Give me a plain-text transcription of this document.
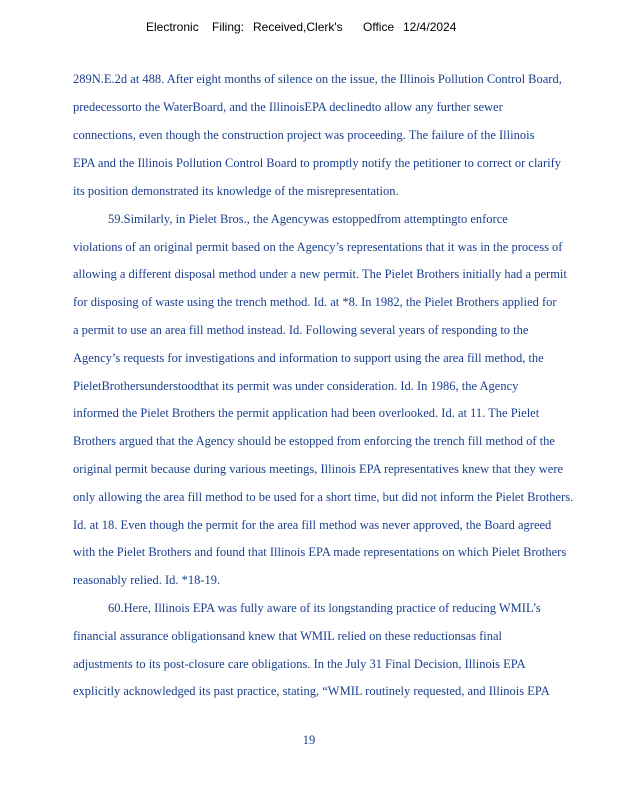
Electronic Filing: Received,Clerk's Office 12/4/2024
289N.E.2d at 488. After eight months of silence on the issue, the Illinois Pollution Control Board,
predecessorto the WaterBoard, and the IllinoisEPA declinedto allow any further sewer
connections, even though the construction project was proceeding. The failure of the Illinois
EPA and the Illinois Pollution Control Board to promptly notify the petitioner to correct or clarify
its position demonstrated its knowledge of the misrepresentation.
59.Similarly, in Pielet Bros., the Agencywas estoppedfrom attemptingto enforce
violations of an original permit based on the Agency’s representations that it was in the process of
allowing a different disposal method under a new permit. The Pielet Brothers initially had a permit
for disposing of waste using the trench method. Id. at *8. In 1982, the Pielet Brothers applied for
a permit to use an area fill method instead. Id. Following several years of responding to the
Agency’s requests for investigations and information to support using the area fill method, the
PieletBrothersunderstoodthat its permit was under consideration. Id. In 1986, the Agency
informed the Pielet Brothers the permit application had been overlooked. Id. at 11. The Pielet
Brothers argued that the Agency should be estopped from enforcing the trench fill method of the
original permit because during various meetings, Illinois EPA representatives knew that they were
only allowing the area fill method to be used for a short time, but did not inform the Pielet Brothers.
Id. at 18. Even though the permit for the area fill method was never approved, the Board agreed
with the Pielet Brothers and found that Illinois EPA made representations on which Pielet Brothers
reasonably relied. Id. *18-19.
60.Here, Illinois EPA was fully aware of its longstanding practice of reducing WMIL’s
financial assurance obligationsand knew that WMIL relied on these reductionsas final
adjustments to its post-closure care obligations. In the July 31 Final Decision, Illinois EPA
explicitly acknowledged its past practice, stating, “WMIL routinely requested, and Illinois EPA
19
